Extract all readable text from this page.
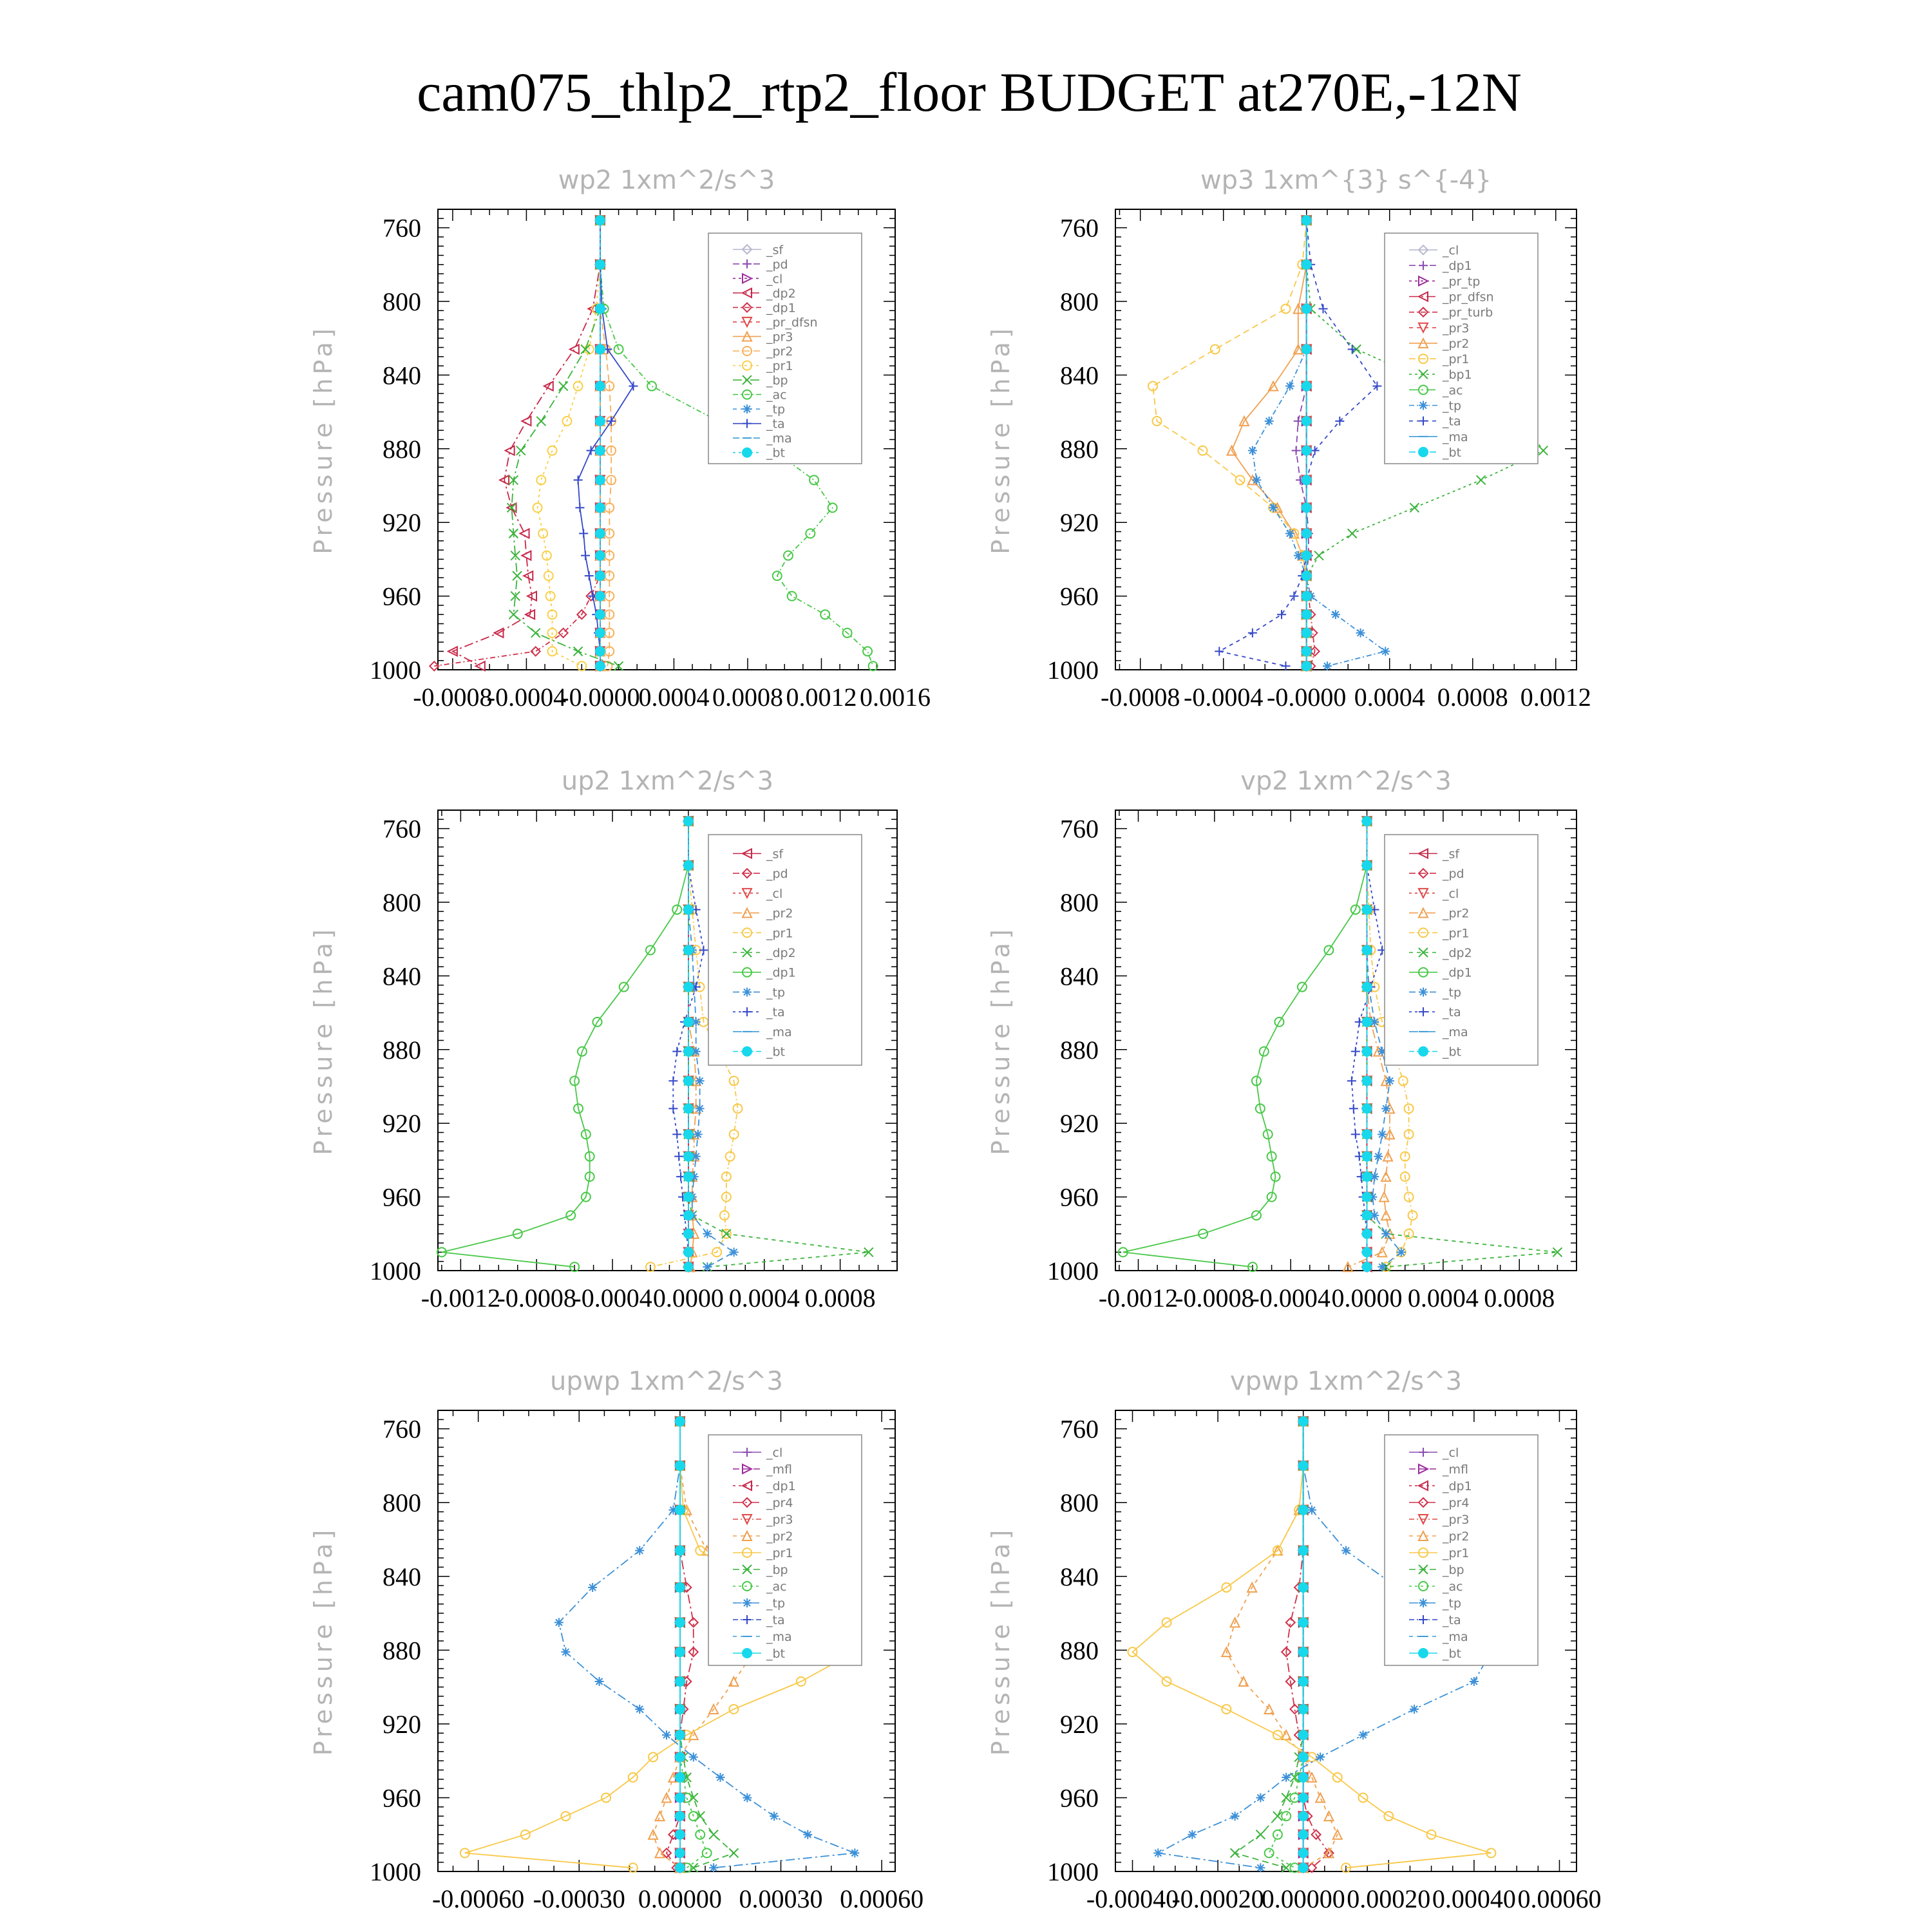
cam075_thlp2_rtp2_floor BUDGET at270E,-12N
wp2 1xm^2/s^3
Pressure [hPa]
760
800
840
880
920
960
1000
-0.0008
-0.0004
-0.0000
0.0004 0.0008 0.0012 0.0016
_sf
_pd
_cl
_dp2
_dp1
_pr_dfsn
_pr3
_pr2
_pr1
_bp
_ac
_tp
_ta
_ma
_bt
wp3 1xm^{3} s^{-4}
Pressure [hPa]
760
800
840
880
920
960
1000
-0.0008 -0.0004 -0.0000 0.0004 0.0008 0.0012
_cl
_dp1
_pr_tp
_pr_dfsn
_pr_turb
_pr3
_pr2
_pr1
_bp1
_ac
_tp
_ta
_ma
_bt
up2 1xm^2/s^3
Pressure [hPa]
760
800
840
880
920
960
1000
-0.0012
-0.0008
-0.0004 0.0000 0.0004 0.0008
_sf
_pd
_cl
_pr2
_pr1
_dp2
_dp1
_tp
_ta
_ma
_bt
vp2 1xm^2/s^3
Pressure [hPa]
760
800
840
880
920
960
1000
-0.0012
-0.0008
-0.0004 0.0000 0.0004 0.0008
_sf
_pd
_cl
_pr2
_pr1
_dp2
_dp1
_tp
_ta
_ma
_bt
upwp 1xm^2/s^3
Pressure [hPa]
760
800
840
880
920
960
1000
-0.00060 -0.00030 0.00000 0.00030 0.00060
_cl
_mfl
_dp1
_pr4
_pr3
_pr2
_pr1
_bp
_ac
_tp
_ta
_ma
_bt
vpwp 1xm^2/s^3
Pressure [hPa]
760
800
840
880
920
960
1000
-0.00040
-0.00020
0.00000 0.00020 0.00040 0.00060
_cl
_mfl
_dp1
_pr4
_pr3
_pr2
_pr1
_bp
_ac
_tp
_ta
_ma
_bt
